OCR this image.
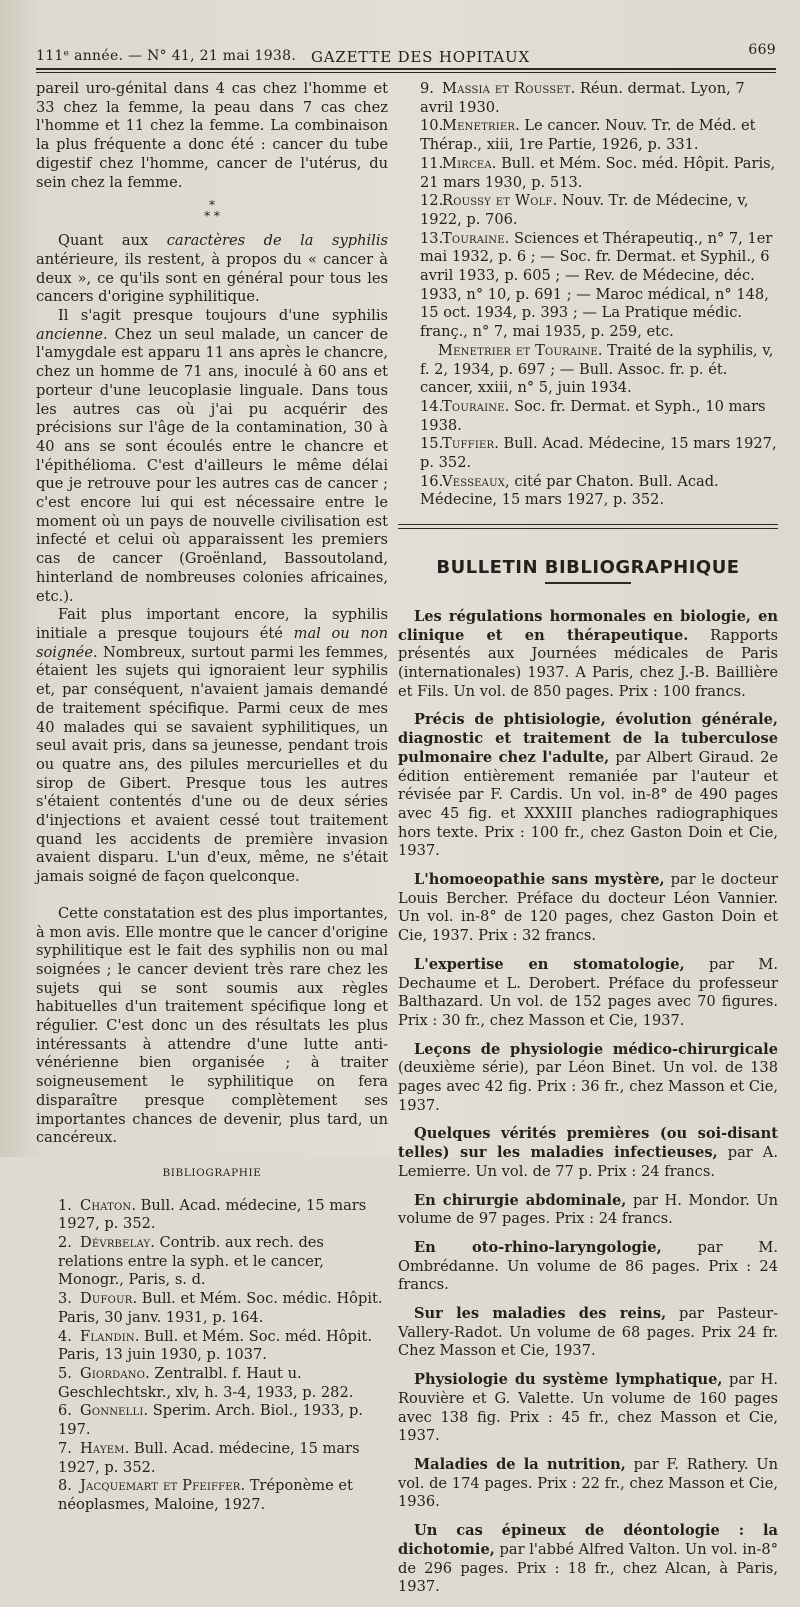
111ᵉ année. — N° 41, 21 mai 1938. GAZETTE DES HOPITAUX	669

pareil uro-génital dans 4 cas chez l'homme et 33 chez la femme, la peau dans 7 cas chez l'homme et 11 chez la femme. La combinaison la plus fréquente a donc été : cancer du tube digestif chez l'homme, cancer de l'utérus, du sein chez la femme.

*
* *

Quant aux caractères de la syphilis antérieure, ils restent, à propos du « cancer à deux », ce qu'ils sont en général pour tous les cancers d'origine syphilitique.

Il s'agit presque toujours d'une syphilis ancienne. Chez un seul malade, un cancer de l'amygdale est apparu 11 ans après le chancre, chez un homme de 71 ans, inoculé à 60 ans et porteur d'une leucoplasie linguale. Dans tous les autres cas où j'ai pu acquérir des précisions sur l'âge de la contamination, 30 à 40 ans se sont écoulés entre le chancre et l'épithélioma. C'est d'ailleurs le même délai que je retrouve pour les autres cas de cancer ; c'est encore lui qui est nécessaire entre le moment où un pays de nouvelle civilisation est infecté et celui où apparaissent les premiers cas de cancer (Groënland, Bassoutoland, hinterland de nombreuses colonies africaines, etc.).

Fait plus important encore, la syphilis initiale a presque toujours été mal ou non soignée. Nombreux, surtout parmi les femmes, étaient les sujets qui ignoraient leur syphilis et, par conséquent, n'avaient jamais demandé de traitement spécifique. Parmi ceux de mes 40 malades qui se savaient syphilitiques, un seul avait pris, dans sa jeunesse, pendant trois ou quatre ans, des pilules mercurielles et du sirop de Gibert. Presque tous les autres s'étaient contentés d'une ou de deux séries d'injections et avaient cessé tout traitement quand les accidents de première invasion avaient disparu. L'un d'eux, même, ne s'était jamais soigné de façon quelconque.

Cette constatation est des plus importantes, à mon avis. Elle montre que le cancer d'origine syphilitique est le fait des syphilis non ou mal soignées ; le cancer devient très rare chez les sujets qui se sont soumis aux règles habituelles d'un traitement spécifique long et régulier. C'est donc un des résultats les plus intéressants à attendre d'une lutte anti-vénérienne bien organisée ; à traiter soigneusement le syphilitique on fera disparaître presque complètement ses importantes chances de devenir, plus tard, un cancéreux.

BIBLIOGRAPHIE

1. Chaton. Bull. Acad. médecine, 15 mars 1927, p. 352.

2. Dévrbelay. Contrib. aux rech. des relations entre la syph. et le cancer, Monogr., Paris, s. d.

3. Dufour. Bull. et Mém. Soc. médic. Hôpit. Paris, 30 janv. 1931, p. 164.

4. Flandin. Bull. et Mém. Soc. méd. Hôpit. Paris, 13 juin 1930, p. 1037.

5. Giordano. Zentralbl. f. Haut u. Geschlechtskr., xlv, h. 3-4, 1933, p. 282.

6. Gonnelli. Sperim. Arch. Biol., 1933, p. 197.

7. Hayem. Bull. Acad. médecine, 15 mars 1927, p. 352.

8. Jacquemart et Pfeiffer. Tréponème et néoplasmes, Maloine, 1927.

9. Massia et Rousset. Réun. dermat. Lyon, 7 avril 1930.

10.
Menetrier. Le cancer. Nouv. Tr. de Méd. et Thérap., xiii, 1re Partie, 1926, p. 331.

11.
Mircea. Bull. et Mém. Soc. méd. Hôpit. Paris, 21 mars 1930, p. 513.

12.
Roussy et Wolf. Nouv. Tr. de Médecine, v, 1922, p. 706.

13.
Touraine. Sciences et Thérapeutiq., n° 7, 1er mai 1932, p. 6 ; — Soc. fr. Dermat. et Syphil., 6 avril 1933, p. 605 ; — Rev. de Médecine, déc. 1933, n° 10, p. 691 ; — Maroc médical, n° 148, 15 oct. 1934, p. 393 ; — La Pratique médic. franç., n° 7, mai 1935, p. 259, etc.

Menetrier et Touraine. Traité de la syphilis, v, f. 2, 1934, p. 697 ; — Bull. Assoc. fr. p. ét. cancer, xxiii, n° 5, juin 1934.

14.
Touraine. Soc. fr. Dermat. et Syph., 10 mars 1938.

15.
Tuffier. Bull. Acad. Médecine, 15 mars 1927, p. 352.

16.
Vesseaux, cité par Chaton. Bull. Acad. Médecine, 15 mars 1927, p. 352.

BULLETIN BIBLIOGRAPHIQUE

Les régulations hormonales en biologie, en clinique et en thérapeutique. Rapports présentés aux Journées médicales de Paris (internationales) 1937. A Paris, chez J.-B. Baillière et Fils. Un vol. de 850 pages. Prix : 100 francs.

Précis de phtisiologie, évolution générale, diagnostic et traitement de la tuberculose pulmonaire chez l'adulte, par Albert Giraud. 2e édition entièrement remaniée par l'auteur et révisée par F. Cardis. Un vol. in-8° de 490 pages avec 45 fig. et XXXIII planches radiographiques hors texte. Prix : 100 fr., chez Gaston Doin et Cie, 1937.

L'homoeopathie sans mystère, par le docteur Louis Bercher. Préface du docteur Léon Vannier. Un vol. in-8° de 120 pages, chez Gaston Doin et Cie, 1937. Prix : 32 francs.

L'expertise en stomatologie, par M. Dechaume et L. Derobert. Préface du professeur Balthazard. Un vol. de 152 pages avec 70 figures. Prix : 30 fr., chez Masson et Cie, 1937.

Leçons de physiologie médico-chirurgicale (deuxième série), par Léon Binet. Un vol. de 138 pages avec 42 fig. Prix : 36 fr., chez Masson et Cie, 1937.

Quelques vérités premières (ou soi-disant telles) sur les maladies infectieuses, par A. Lemierre. Un vol. de 77 p. Prix : 24 francs.

En chirurgie abdominale, par H. Mondor. Un volume de 97 pages. Prix : 24 francs.

En oto-rhino-laryngologie, par M. Ombrédanne. Un volume de 86 pages. Prix : 24 francs.

Sur les maladies des reins, par Pasteur-Vallery-Radot. Un volume de 68 pages. Prix 24 fr. Chez Masson et Cie, 1937.

Physiologie du système lymphatique, par H. Rouvière et G. Valette. Un volume de 160 pages avec 138 fig. Prix : 45 fr., chez Masson et Cie, 1937.

Maladies de la nutrition, par F. Rathery. Un vol. de 174 pages. Prix : 22 fr., chez Masson et Cie, 1936.

Un cas épineux de déontologie : la dichotomie, par l'abbé Alfred Valton. Un vol. in-8° de 296 pages. Prix : 18 fr., chez Alcan, à Paris, 1937.
